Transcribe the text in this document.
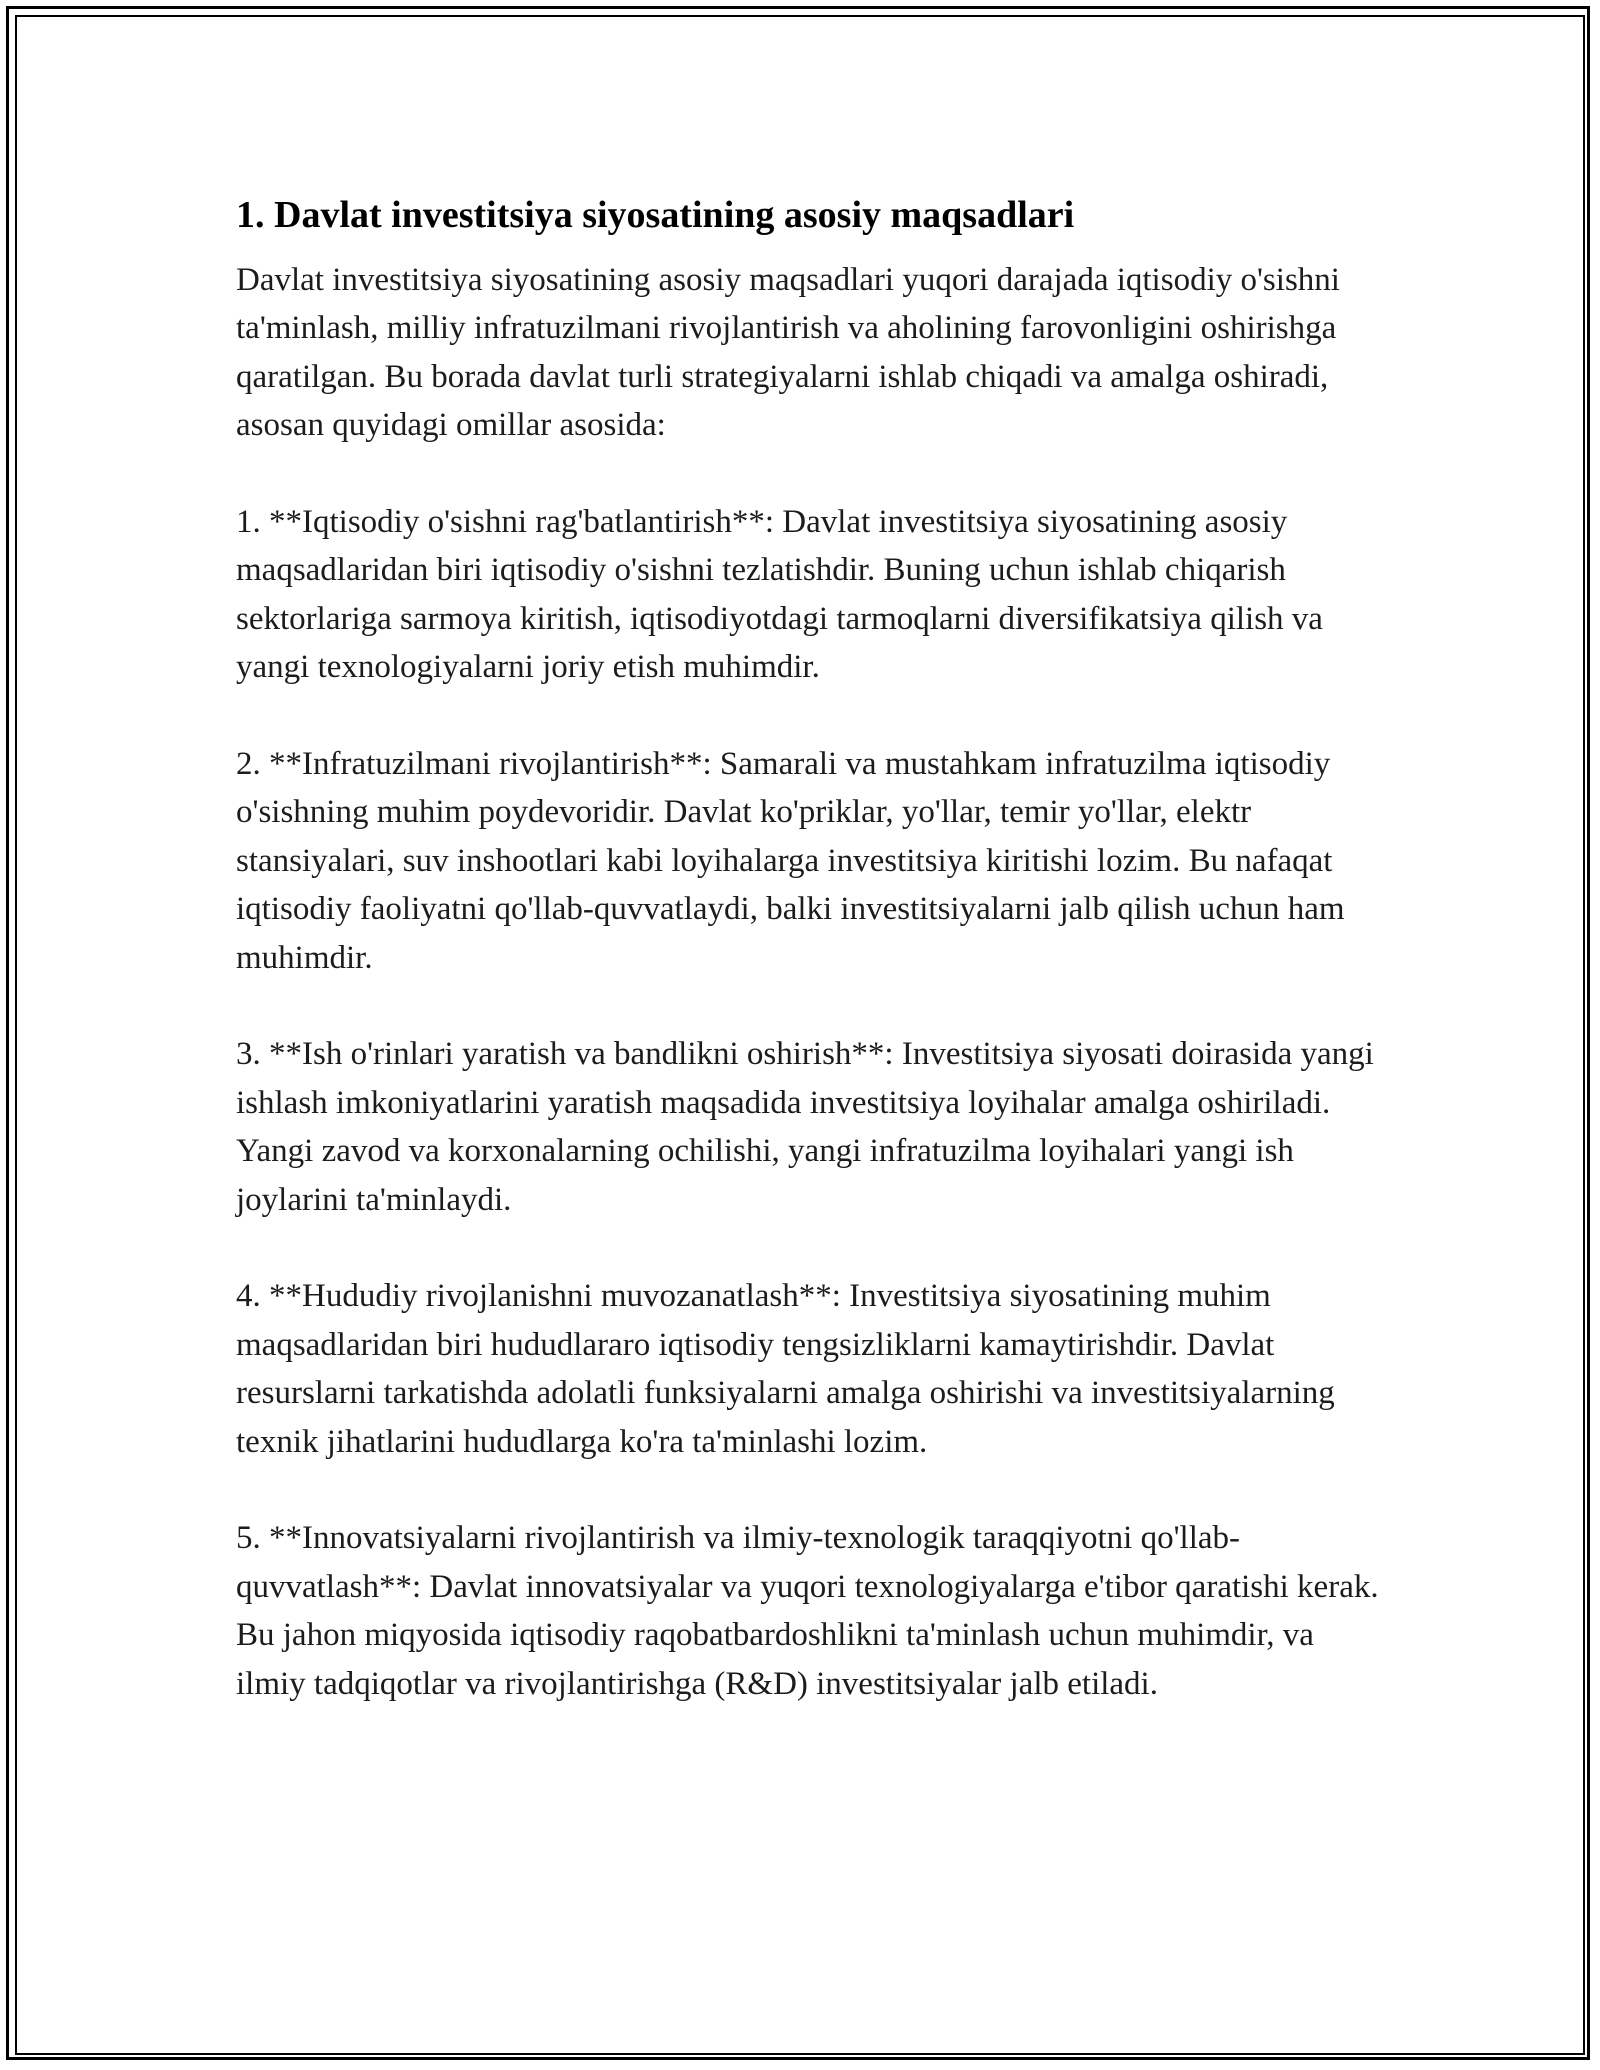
1. Davlat investitsiya siyosatining asosiy maqsadlari

Davlat investitsiya siyosatining asosiy maqsadlari yuqori darajada iqtisodiy o'sishni ta'minlash, milliy infratuzilmani rivojlantirish va aholining farovonligini oshirishga qaratilgan. Bu borada davlat turli strategiyalarni ishlab chiqadi va amalga oshiradi, asosan quyidagi omillar asosida:

1. **Iqtisodiy o'sishni rag'batlantirish**: Davlat investitsiya siyosatining asosiy maqsadlaridan biri iqtisodiy o'sishni tezlatishdir. Buning uchun ishlab chiqarish sektorlariga sarmoya kiritish, iqtisodiyotdagi tarmoqlarni diversifikatsiya qilish va yangi texnologiyalarni joriy etish muhimdir.

2. **Infratuzilmani rivojlantirish**: Samarali va mustahkam infratuzilma iqtisodiy o'sishning muhim poydevoridir. Davlat ko'priklar, yo'llar, temir yo'llar, elektr stansiyalari, suv inshootlari kabi loyihalarga investitsiya kiritishi lozim. Bu nafaqat iqtisodiy faoliyatni qo'llab-quvvatlaydi, balki investitsiyalarni jalb qilish uchun ham muhimdir.

3. **Ish o'rinlari yaratish va bandlikni oshirish**: Investitsiya siyosati doirasida yangi ishlash imkoniyatlarini yaratish maqsadida investitsiya loyihalar amalga oshiriladi. Yangi zavod va korxonalarning ochilishi, yangi infratuzilma loyihalari yangi ish joylarini ta'minlaydi.

4. **Hududiy rivojlanishni muvozanatlash**: Investitsiya siyosatining muhim maqsadlaridan biri hududlararo iqtisodiy tengsizliklarni kamaytirishdir. Davlat resurslarni tarkatishda adolatli funksiyalarni amalga oshirishi va investitsiyalarning texnik jihatlarini hududlarga ko'ra ta'minlashi lozim.

5. **Innovatsiyalarni rivojlantirish va ilmiy-texnologik taraqqiyotni qo'llab-quvvatlash**: Davlat innovatsiyalar va yuqori texnologiyalarga e'tibor qaratishi kerak. Bu jahon miqyosida iqtisodiy raqobatbardoshlikni ta'minlash uchun muhimdir, va ilmiy tadqiqotlar va rivojlantirishga (R&D) investitsiyalar jalb etiladi.
